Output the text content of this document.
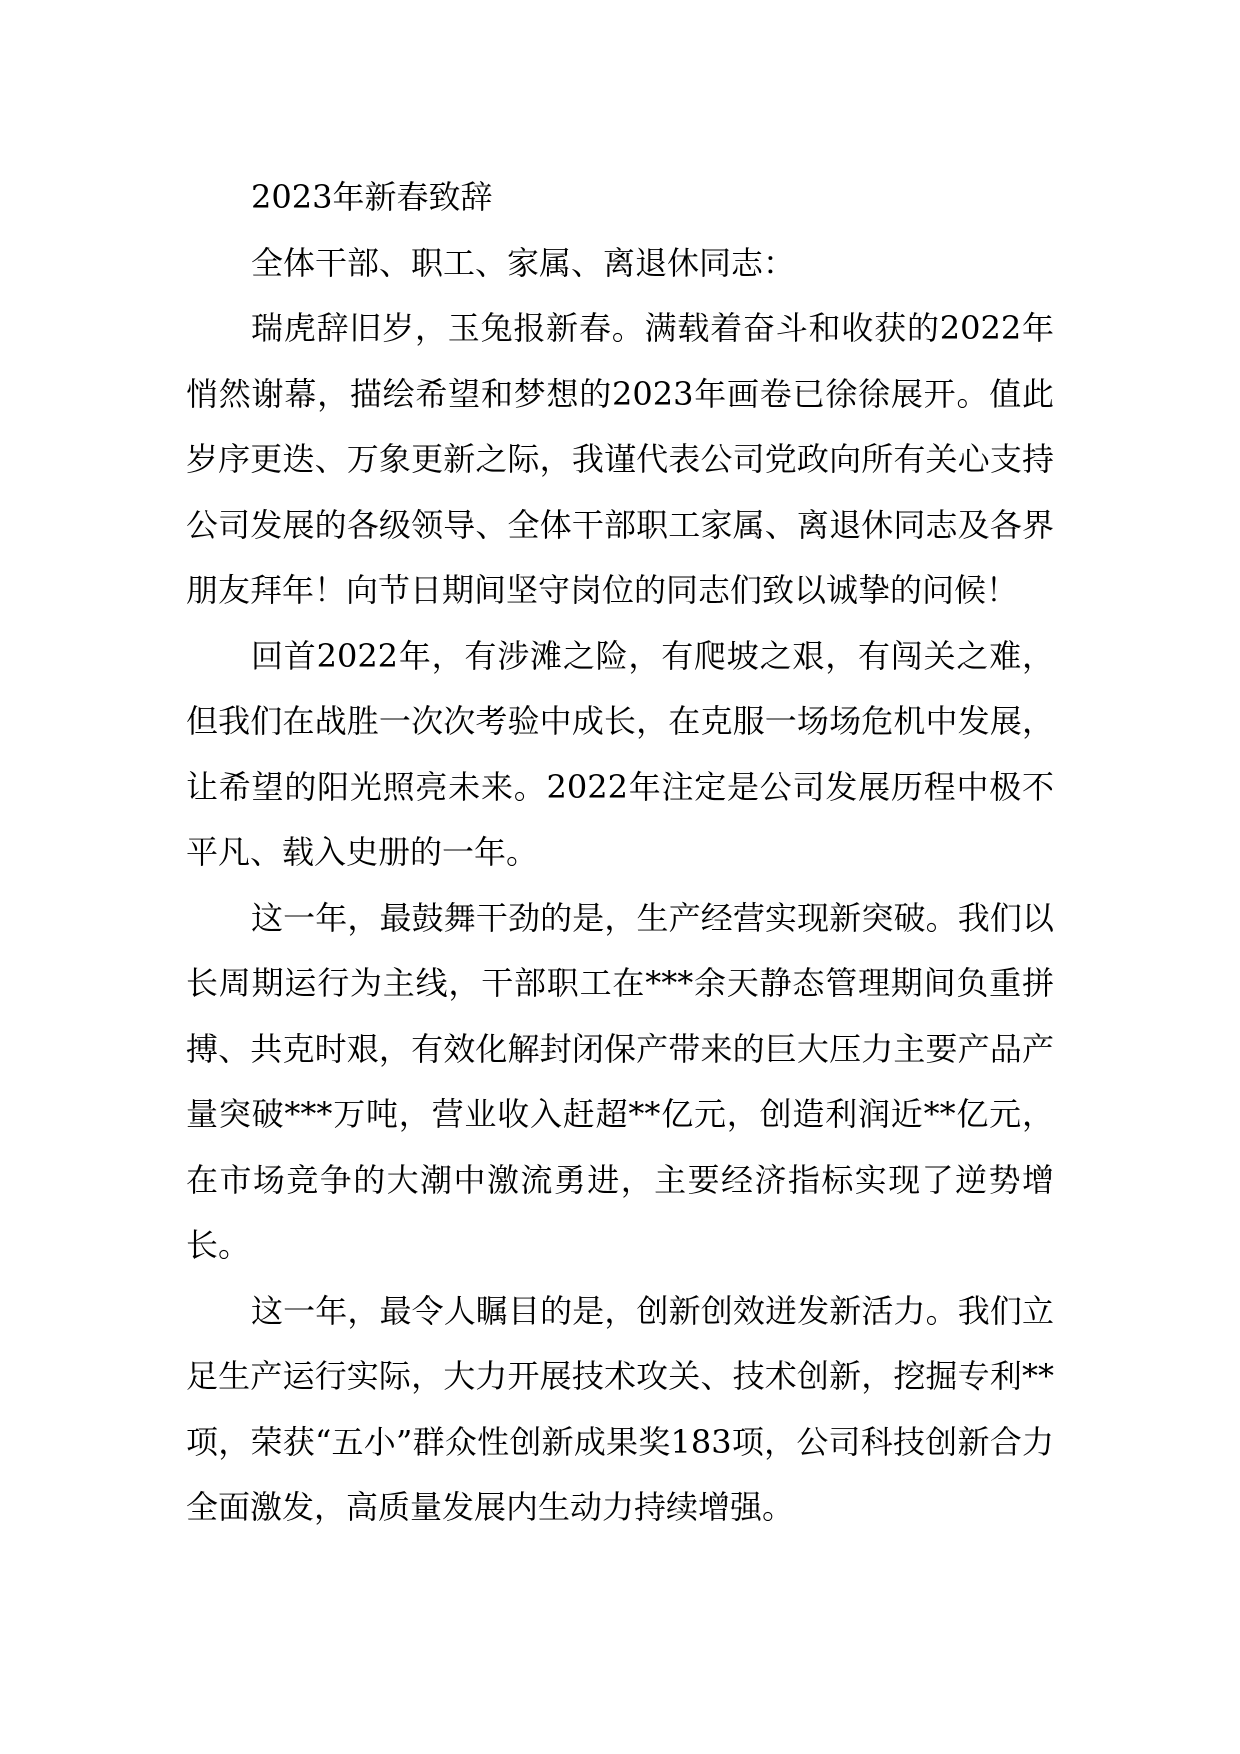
2023年新春致辞

全体干部、职工、家属、离退休同志：

瑞虎辞旧岁，玉兔报新春。满载着奋斗和收获的2022年悄然谢幕，描绘希望和梦想的2023年画卷已徐徐展开。值此岁序更迭、万象更新之际，我谨代表公司党政向所有关心支持公司发展的各级领导、全体干部职工家属、离退休同志及各界朋友拜年！向节日期间坚守岗位的同志们致以诚挚的问候！

回首2022年，有涉滩之险，有爬坡之艰，有闯关之难，但我们在战胜一次次考验中成长，在克服一场场危机中发展，让希望的阳光照亮未来。2022年注定是公司发展历程中极不平凡、载入史册的一年。

这一年，最鼓舞干劲的是，生产经营实现新突破。我们以长周期运行为主线，干部职工在***余天静态管理期间负重拼搏、共克时艰，有效化解封闭保产带来的巨大压力主要产品产量突破***万吨，营业收入赶超**亿元，创造利润近**亿元，在市场竞争的大潮中激流勇进，主要经济指标实现了逆势增长。

这一年，最令人瞩目的是，创新创效迸发新活力。我们立足生产运行实际，大力开展技术攻关、技术创新，挖掘专利**项，荣获“五小”群众性创新成果奖183项，公司科技创新合力全面激发，高质量发展内生动力持续增强。
